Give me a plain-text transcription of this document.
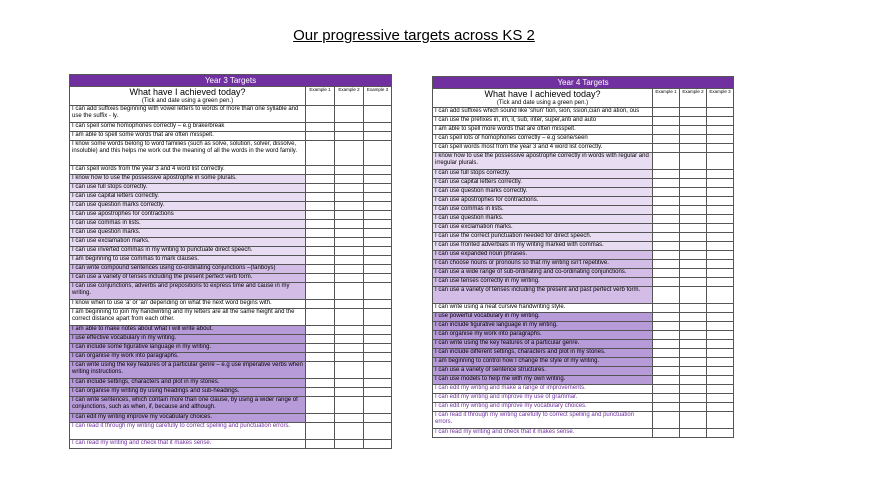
Our progressive targets across KS 2
Year 3 Targets			

What have I achieved today?
(Tick and date using a green pen.)	Example 1	Example 2	Example 3
I can add suffixes beginning with vowel letters to words of more than one syllable and use the suffix - ly.			
I can spell some homophones correctly – e.g brake/break			
I am able to spell some words that are often misspelt.			
I know some words belong to word families (such as solve, solution, solver, dissolve, insoluble) and this helps me work out the meaning of all the words in the word family.			
I can spell words from the year 3 and 4 word list correctly.			
I know how to use the possessive apostrophe in some plurals.			
I can use full stops correctly.			
I can use capital letters correctly.			
I can use question marks correctly.			
I can use apostrophes for contractions			
I can use commas in lists.			
I can use question marks.			
I can use exclamation marks.			
I can use inverted commas in my writing to punctuate direct speech.			
I am beginning to use commas to mark clauses.			
I can write compound sentences using co-ordinating conjunctions –(fanboys)			
I can use a variety of tenses including the present perfect verb form.			
I can use conjunctions, adverbs and prepositions to express time and cause in my writing.			
I know when to use 'a' or 'an' depending on what the next word begins with.			
I am beginning to join my handwriting and my letters are all the same height and the correct distance apart from each other.			
I am able to make notes about what I will write about.			
I use effective vocabulary in my writing.			
I can include some figurative language in my writing.			
I can organise my work into paragraphs.			
I can write using the key features of a particular genre – e.g use imperative verbs when writing instructions.			
I can include settings, characters and plot in my stories.			
I can organise my writing by using headings and sub-headings.			
I can write sentences, which contain more than one clause, by using a wider range of conjunctions, such as when, if, because and although.			
I can edit my writing improve my vocabulary choices.			
I can read it through my writing carefully to correct spelling and punctuation errors.			
I can read my writing and check that it makes sense.			
Year 4 Targets			

What have I achieved today?
(Tick and date using a green pen.)	Example 1	Example 2	Example 3
I can add suffixes which sound like 'shun' tion, sion, ssion,cian and ation, ous			
I can use the prefixes in, im, il, sub, inter, super,anti and auto			
I am able to spell more words that are often misspelt.			
I can spell lots of homophones correctly – e.g scene/seen			
I can spell words most from the year 3 and 4 word list correctly.			
I know how to use the possessive apostrophe correctly in words with regular and irregular plurals.			
I can use full stops correctly.			
I can use capital letters correctly.			
I can use question marks correctly.			
I can use apostrophes for contractions.			
I can use commas in lists.			
I can use question marks.			
I can use exclamation marks.			
I can use the correct punctuation needed for direct speech.			
I can use fronted adverbials in my writing marked with commas.			
I can use expanded noun phrases.			
I can choose nouns or pronouns so that my writing isn't repetitive.			
I can use a wide range of sub-ordinating and co-ordinating conjunctions.			
I can use tenses correctly in my writing.			
I can use a variety of tenses including the present and past perfect verb form.			
I can write using a neat cursive handwriting style.			
I use powerful vocabulary in my writing.			
I can include figurative language in my writing.			
I can organise my work into paragraphs.			
I can write using the key features of a particular genre.			
I can include different settings, characters and plot in my stories.			
I am beginning to control how I change the style of my writing.			
I can use a variety of sentence structures.			
I can use models to help me with my own writing.			
I can edit my writing and make a range of improvements.			
I can edit my writing and improve my use of grammar.			
I can edit my writing and improve my vocabulary choices.			
I can read it through my writing carefully to correct spelling and punctuation errors.			
I can read my writing and check that it makes sense.			
